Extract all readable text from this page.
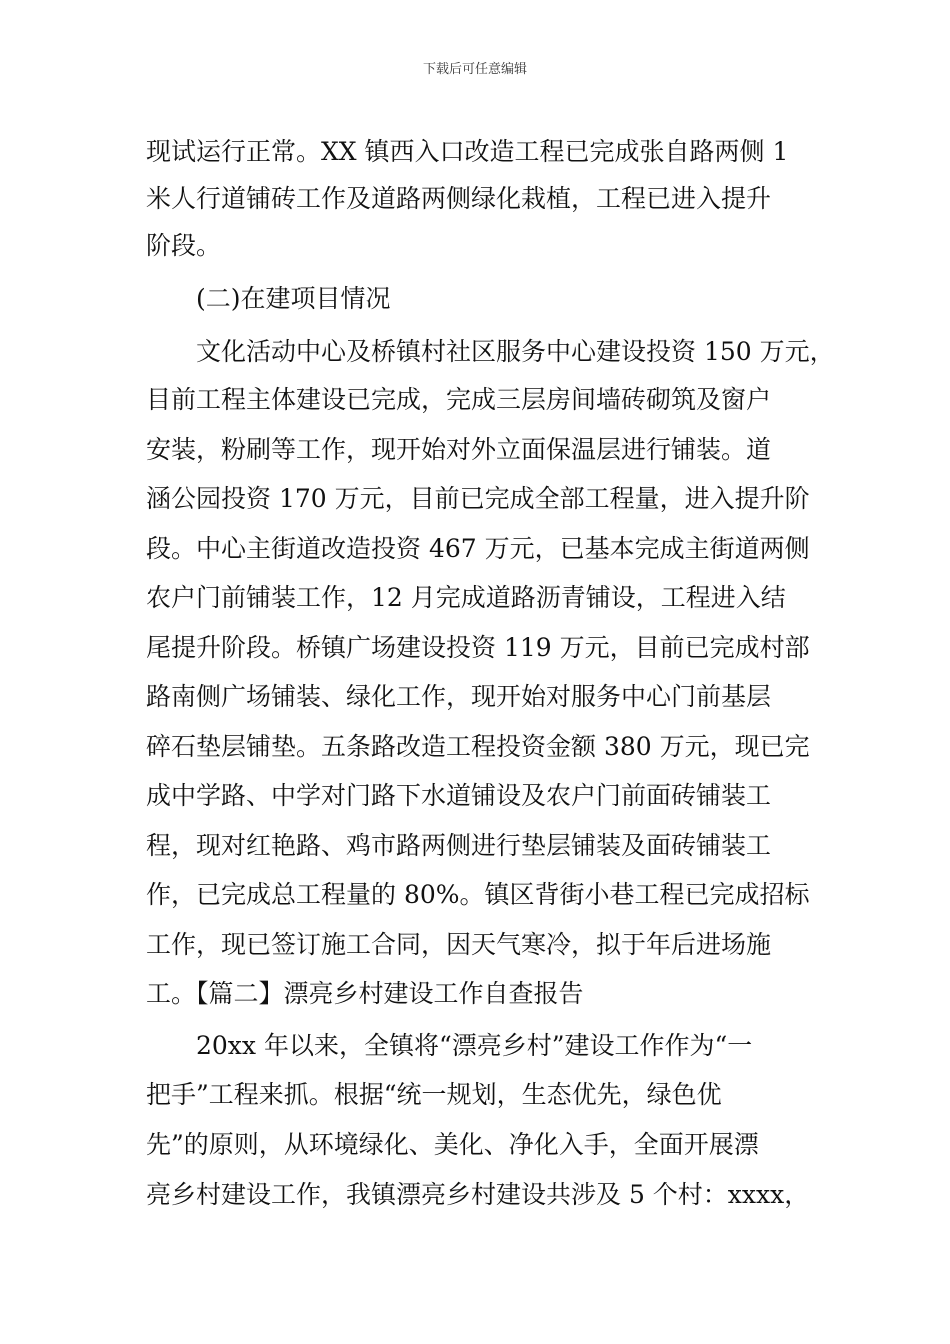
下载后可任意编辑
现试运行正常。XX 镇西入口改造工程已完成张自路两侧 1
米人行道铺砖工作及道路两侧绿化栽植，工程已进入提升
阶段。
(二)在建项目情况
文化活动中心及桥镇村社区服务中心建设投资 150 万元，
目前工程主体建设已完成，完成三层房间墙砖砌筑及窗户
安装，粉刷等工作，现开始对外立面保温层进行铺装。道
涵公园投资 170 万元，目前已完成全部工程量，进入提升阶
段。中心主街道改造投资 467 万元，已基本完成主街道两侧
农户门前铺装工作，12 月完成道路沥青铺设，工程进入结
尾提升阶段。桥镇广场建设投资 119 万元，目前已完成村部
路南侧广场铺装、绿化工作，现开始对服务中心门前基层
碎石垫层铺垫。五条路改造工程投资金额 380 万元，现已完
成中学路、中学对门路下水道铺设及农户门前面砖铺装工
程，现对红艳路、鸡市路两侧进行垫层铺装及面砖铺装工
作，已完成总工程量的 80%。镇区背街小巷工程已完成招标
工作，现已签订施工合同，因天气寒冷，拟于年后进场施
工。【篇二】漂亮乡村建设工作自查报告
20xx 年以来，全镇将“漂亮乡村”建设工作作为“一
把手”工程来抓。根据“统一规划，生态优先，绿色优
先”的原则，从环境绿化、美化、净化入手，全面开展漂
亮乡村建设工作，我镇漂亮乡村建设共涉及 5 个村：xxxx，
